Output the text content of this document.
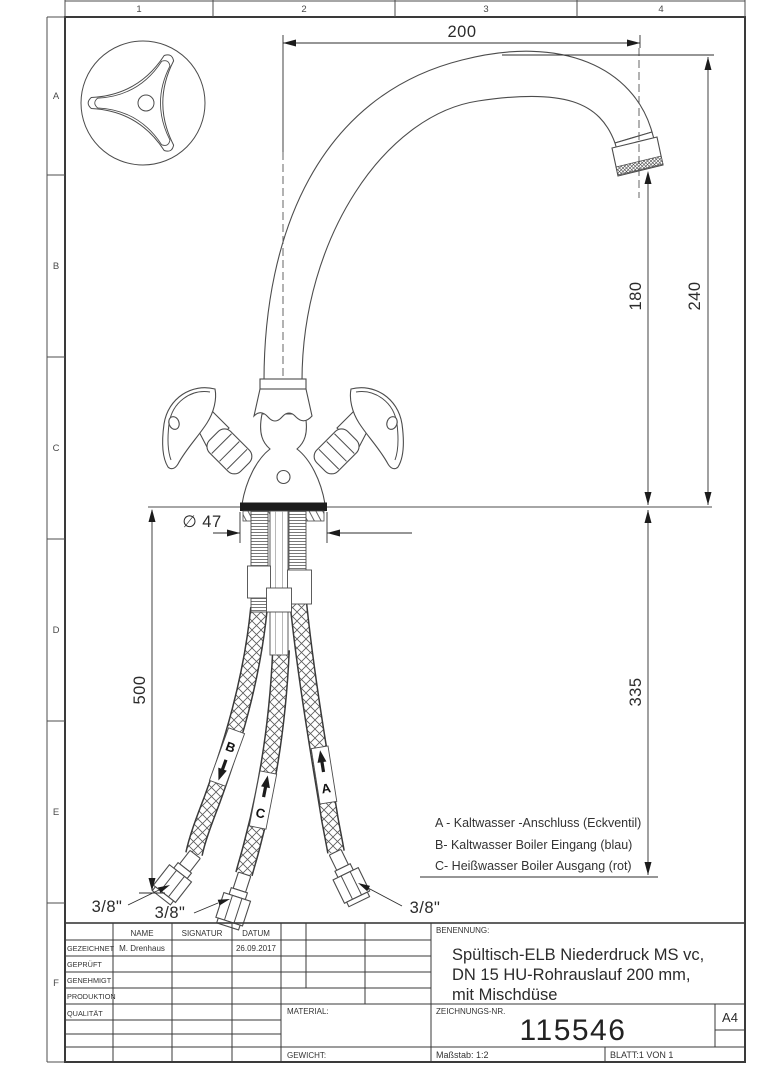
1	2	3	4
A
B
C
D
E
F
B
C
A
200
180 240
335
500
∅ 47
3/8" 3/8"	3/8"
A - Kaltwasser -Anschluss (Eckventil)
B- Kaltwasser Boiler Eingang (blau)
C- Heißwasser Boiler Ausgang (rot)
NAME	SIGNATUR DATUM
GEZEICHNET M. Drenhaus	26.09.2017
GEPRÜFT
GENEHMIGT
PRODUKTION
QUALITÄT	MATERIAL:
GEWICHT:
BENENNUNG:
Spültisch-ELB Niederdruck MS vc,
DN 15 HU-Rohrauslauf 200 mm,
mit Mischdüse
ZEICHNUNGS-NR.
115546	A4
Maßstab: 1:2	BLATT:1 VON 1
